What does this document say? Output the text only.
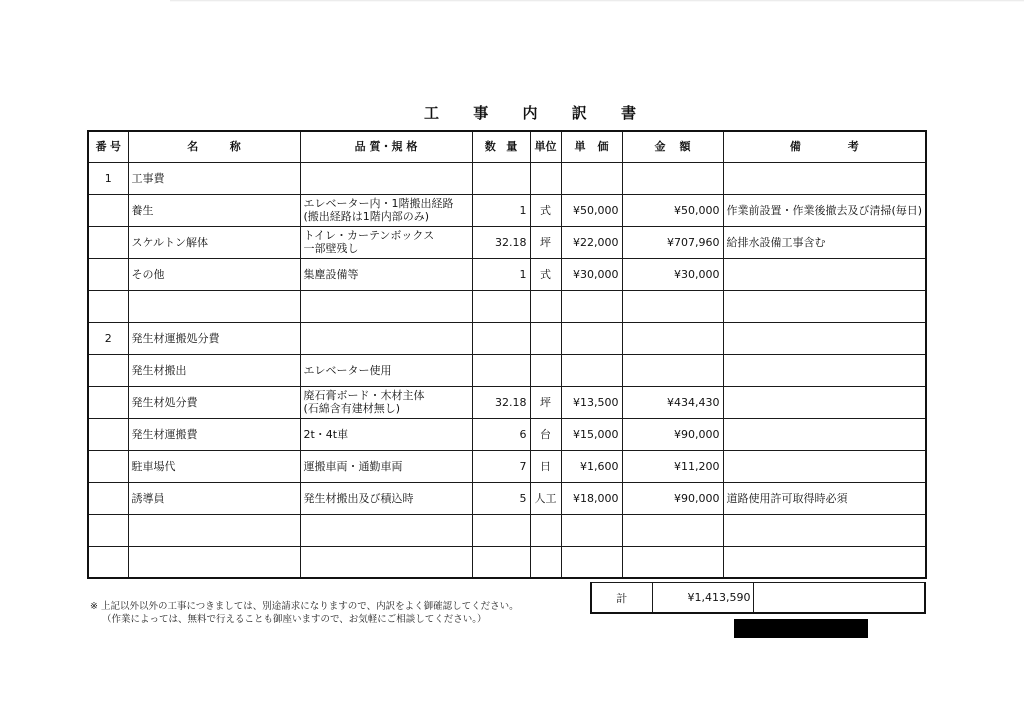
工 事 内 訳 書
番 号	名 称	品 質・規 格	数 量	単位	単 価	金 額	備 考

1	工事費						
	養生	エレベーター内・1階搬出経路
(搬出経路は1階内部のみ)	1	式	¥50,000	¥50,000	作業前設置・作業後撤去及び清掃(毎日)
	スケルトン解体	トイレ・カーテンボックス
一部壁残し	32.18	坪	¥22,000	¥707,960	給排水設備工事含む
	その他	集塵設備等	1	式	¥30,000	¥30,000	

2	発生材運搬処分費						
	発生材搬出	エレベーター使用					
	発生材処分費	廃石膏ボード・木材主体
(石綿含有建材無し)	32.18	坪	¥13,500	¥434,430	
	発生材運搬費	2t・4t車	6	台	¥15,000	¥90,000	
	駐車場代	運搬車両・通勤車両	7	日	¥1,600	¥11,200	
	誘導員	発生材搬出及び積込時	5	人工	¥18,000	¥90,000	道路使用許可取得時必須

計	¥1,413,590	
※ 上記以外以外の工事につきましては、別途請求になりますので、内訳をよく御確認してください。
（作業によっては、無料で行えることも御座いますので、お気軽にご相談してください。）
